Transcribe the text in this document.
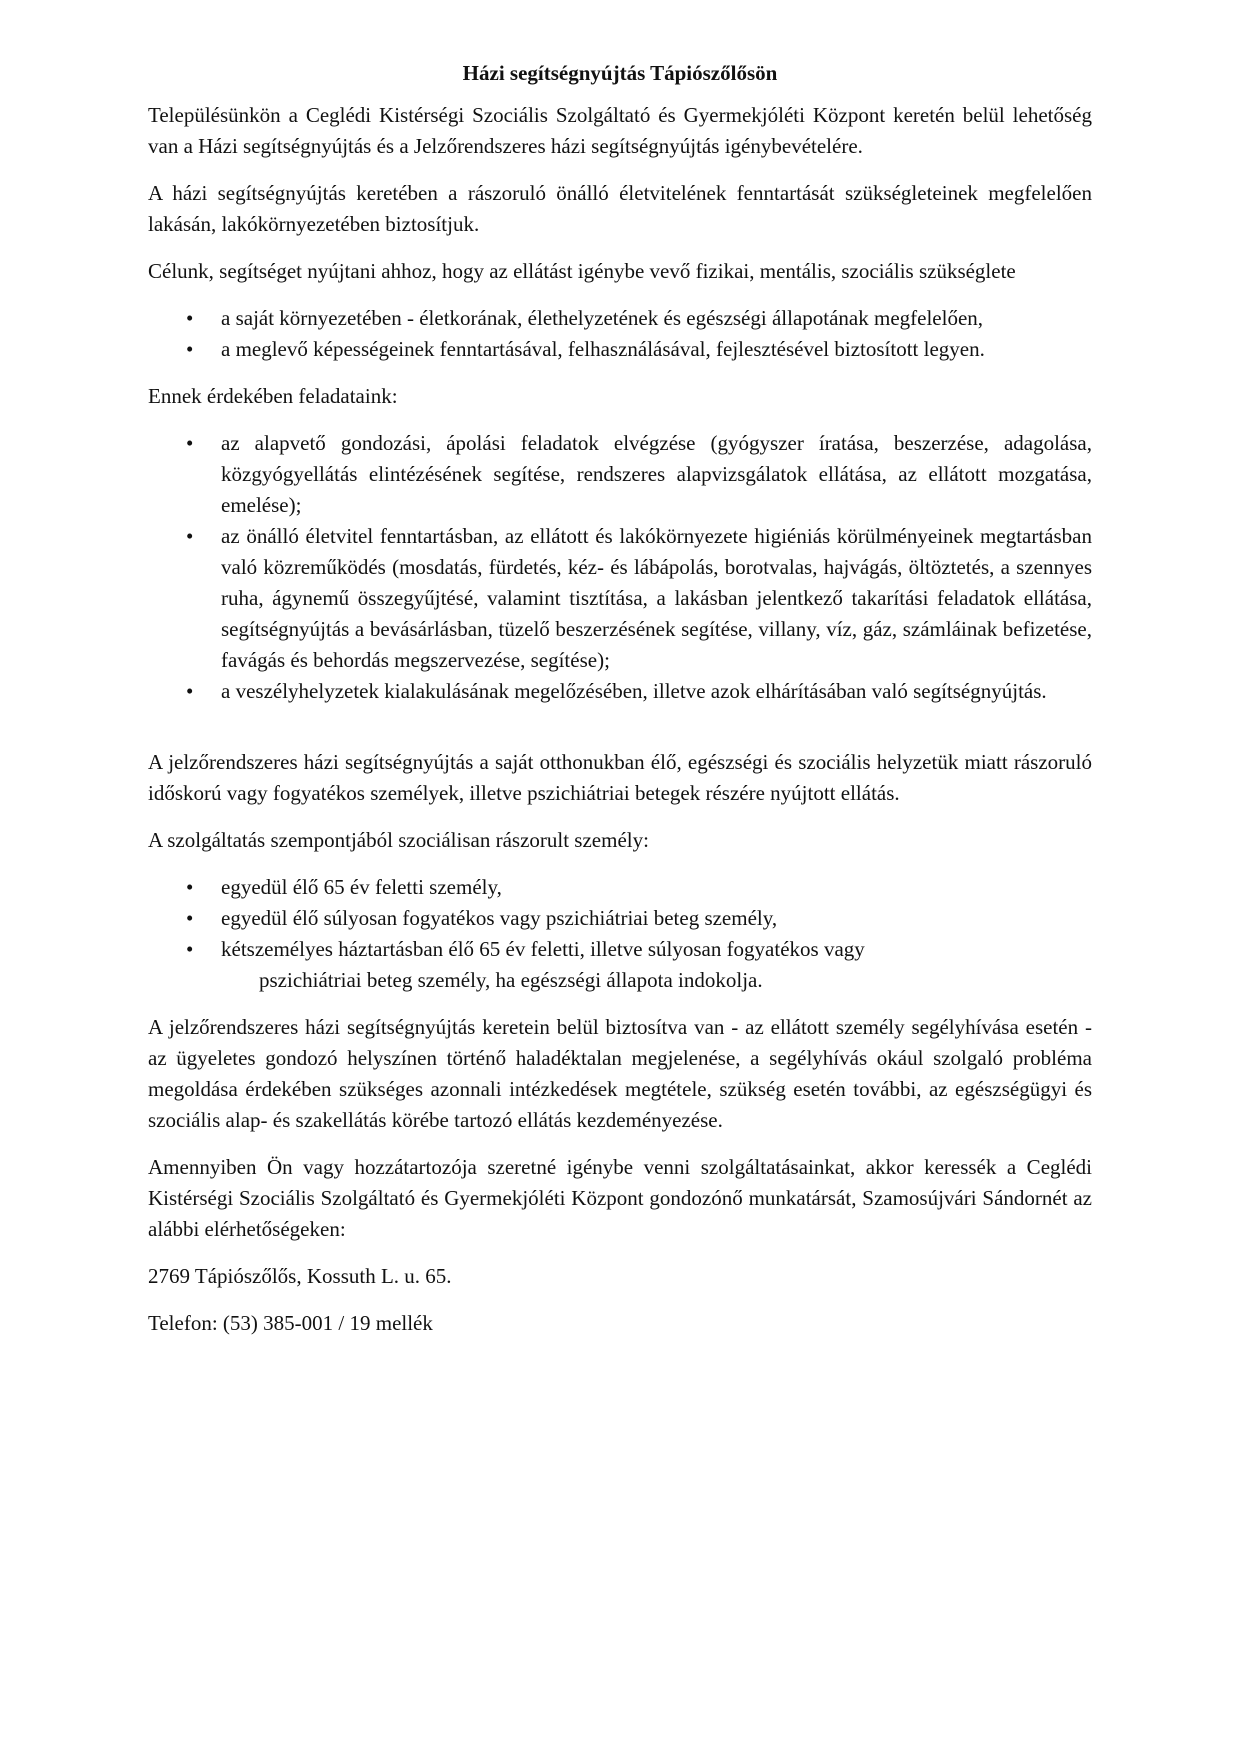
Házi segítségnyújtás Tápiószőlősön

Településünkön a Ceglédi Kistérségi Szociális Szolgáltató és Gyermekjóléti Központ keretén belül lehetőség van a Házi segítségnyújtás és a Jelzőrendszeres házi segítségnyújtás igénybevételére.

A házi segítségnyújtás keretében a rászoruló önálló életvitelének fenntartását szükségleteinek megfelelően lakásán, lakókörnyezetében biztosítjuk.

Célunk, segítséget nyújtani ahhoz, hogy az ellátást igénybe vevő fizikai, mentális, szociális szükséglete

• a saját környezetében - életkorának, élethelyzetének és egészségi állapotának megfelelően,
• a meglevő képességeinek fenntartásával, felhasználásával, fejlesztésével biztosított legyen.

Ennek érdekében feladataink:

• az alapvető gondozási, ápolási feladatok elvégzése (gyógyszer íratása, beszerzése, adagolása, közgyógyellátás elintézésének segítése, rendszeres alapvizsgálatok ellátása, az ellátott mozgatása, emelése);
• az önálló életvitel fenntartásban, az ellátott és lakókörnyezete higiéniás körülményeinek megtartásban való közreműködés (mosdatás, fürdetés, kéz- és lábápolás, borotvalas, hajvágás, öltöztetés, a szennyes ruha, ágynemű összegyűjtésé, valamint tisztítása, a lakásban jelentkező takarítási feladatok ellátása, segítségnyújtás a bevásárlásban, tüzelő beszerzésének segítése, villany, víz, gáz, számláinak befizetése, favágás és behordás megszervezése, segítése);
• a veszélyhelyzetek kialakulásának megelőzésében, illetve azok elhárításában való segítségnyújtás.

A jelzőrendszeres házi segítségnyújtás a saját otthonukban élő, egészségi és szociális helyzetük miatt rászoruló időskorú vagy fogyatékos személyek, illetve pszichiátriai betegek részére nyújtott ellátás.

A szolgáltatás szempontjából szociálisan rászorult személy:

• egyedül élő 65 év feletti személy,
• egyedül élő súlyosan fogyatékos vagy pszichiátriai beteg személy,
• kétszemélyes háztartásban élő 65 év feletti, illetve súlyosan fogyatékos vagy
pszichiátriai beteg személy, ha egészségi állapota indokolja.

A jelzőrendszeres házi segítségnyújtás keretein belül biztosítva van - az ellátott személy segélyhívása esetén - az ügyeletes gondozó helyszínen történő haladéktalan megjelenése, a segélyhívás okául szolgaló probléma megoldása érdekében szükséges azonnali intézkedések megtétele, szükség esetén további, az egészségügyi és szociális alap- és szakellátás körébe tartozó ellátás kezdeményezése.

Amennyiben Ön vagy hozzátartozója szeretné igénybe venni szolgáltatásainkat, akkor keressék a Ceglédi Kistérségi Szociális Szolgáltató és Gyermekjóléti Központ gondozónő munkatársát, Szamosújvári Sándornét az alábbi elérhetőségeken:

2769 Tápiószőlős, Kossuth L. u. 65.

Telefon: (53) 385-001 / 19 mellék
